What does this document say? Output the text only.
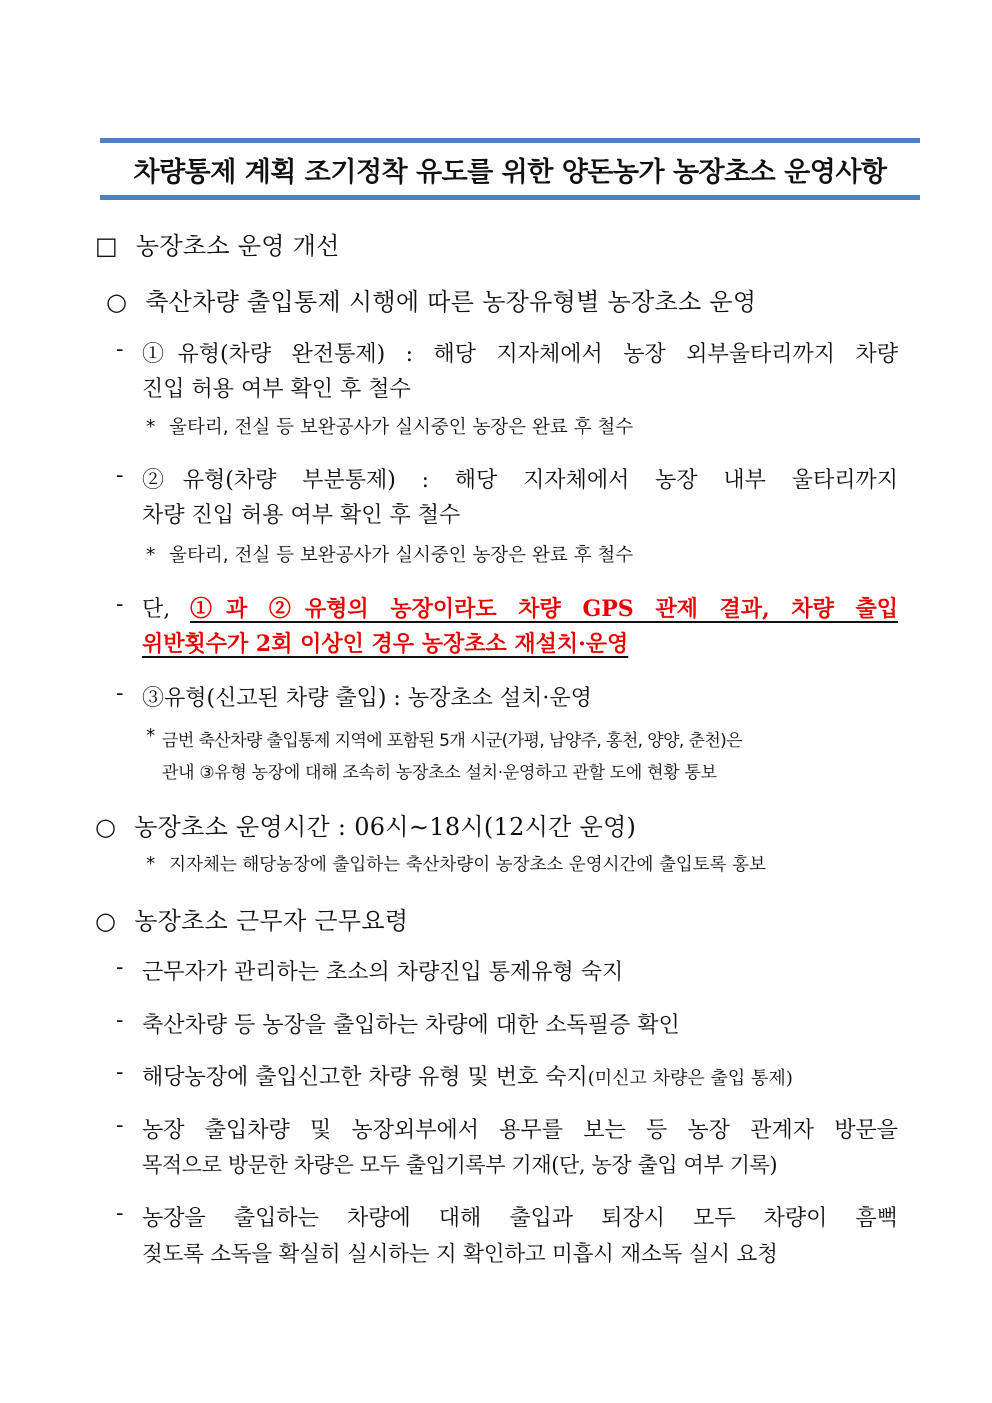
차량통제 계획 조기정착 유도를 위한 양돈농가 농장초소 운영사항
□ 농장초소 운영 개선
○ 축산차량 출입통제 시행에 따른 농장유형별 농장초소 운영
- ①유형(차량 완전통제) : 해당 지자체에서 농장 외부울타리까지 차량
진입 허용 여부 확인 후 철수
* 울타리, 전실 등 보완공사가 실시중인 농장은 완료 후 철수
- ②유형(차량 부분통제) : 해당 지자체에서 농장 내부 울타리까지
차량 진입 허용 여부 확인 후 철수
* 울타리, 전실 등 보완공사가 실시중인 농장은 완료 후 철수
- 단, ①과 ②유형의 농장이라도 차량 GPS 관제 결과, 차량 출입
위반횟수가 2회 이상인 경우 농장초소 재설치·운영
- ③유형(신고된 차량 출입) : 농장초소 설치·운영
* 금번 축산차량 출입통제 지역에 포함된 5개 시군(가평, 남양주, 홍천, 양양, 춘천)은
관내 ③유형 농장에 대해 조속히 농장초소 설치·운영하고 관할 도에 현황 통보
○ 농장초소 운영시간 : 06시∼18시(12시간 운영)
* 지자체는 해당농장에 출입하는 축산차량이 농장초소 운영시간에 출입토록 홍보
○ 농장초소 근무자 근무요령
- 근무자가 관리하는 초소의 차량진입 통제유형 숙지
- 축산차량 등 농장을 출입하는 차량에 대한 소독필증 확인
- 해당농장에 출입신고한 차량 유형 및 번호 숙지(미신고 차량은 출입 통제)
- 농장 출입차량 및 농장외부에서 용무를 보는 등 농장 관계자 방문을
목적으로 방문한 차량은 모두 출입기록부 기재(단, 농장 출입 여부 기록)
- 농장을 출입하는 차량에 대해 출입과 퇴장시 모두 차량이 흠뻑
젖도록 소독을 확실히 실시하는 지 확인하고 미흡시 재소독 실시 요청
